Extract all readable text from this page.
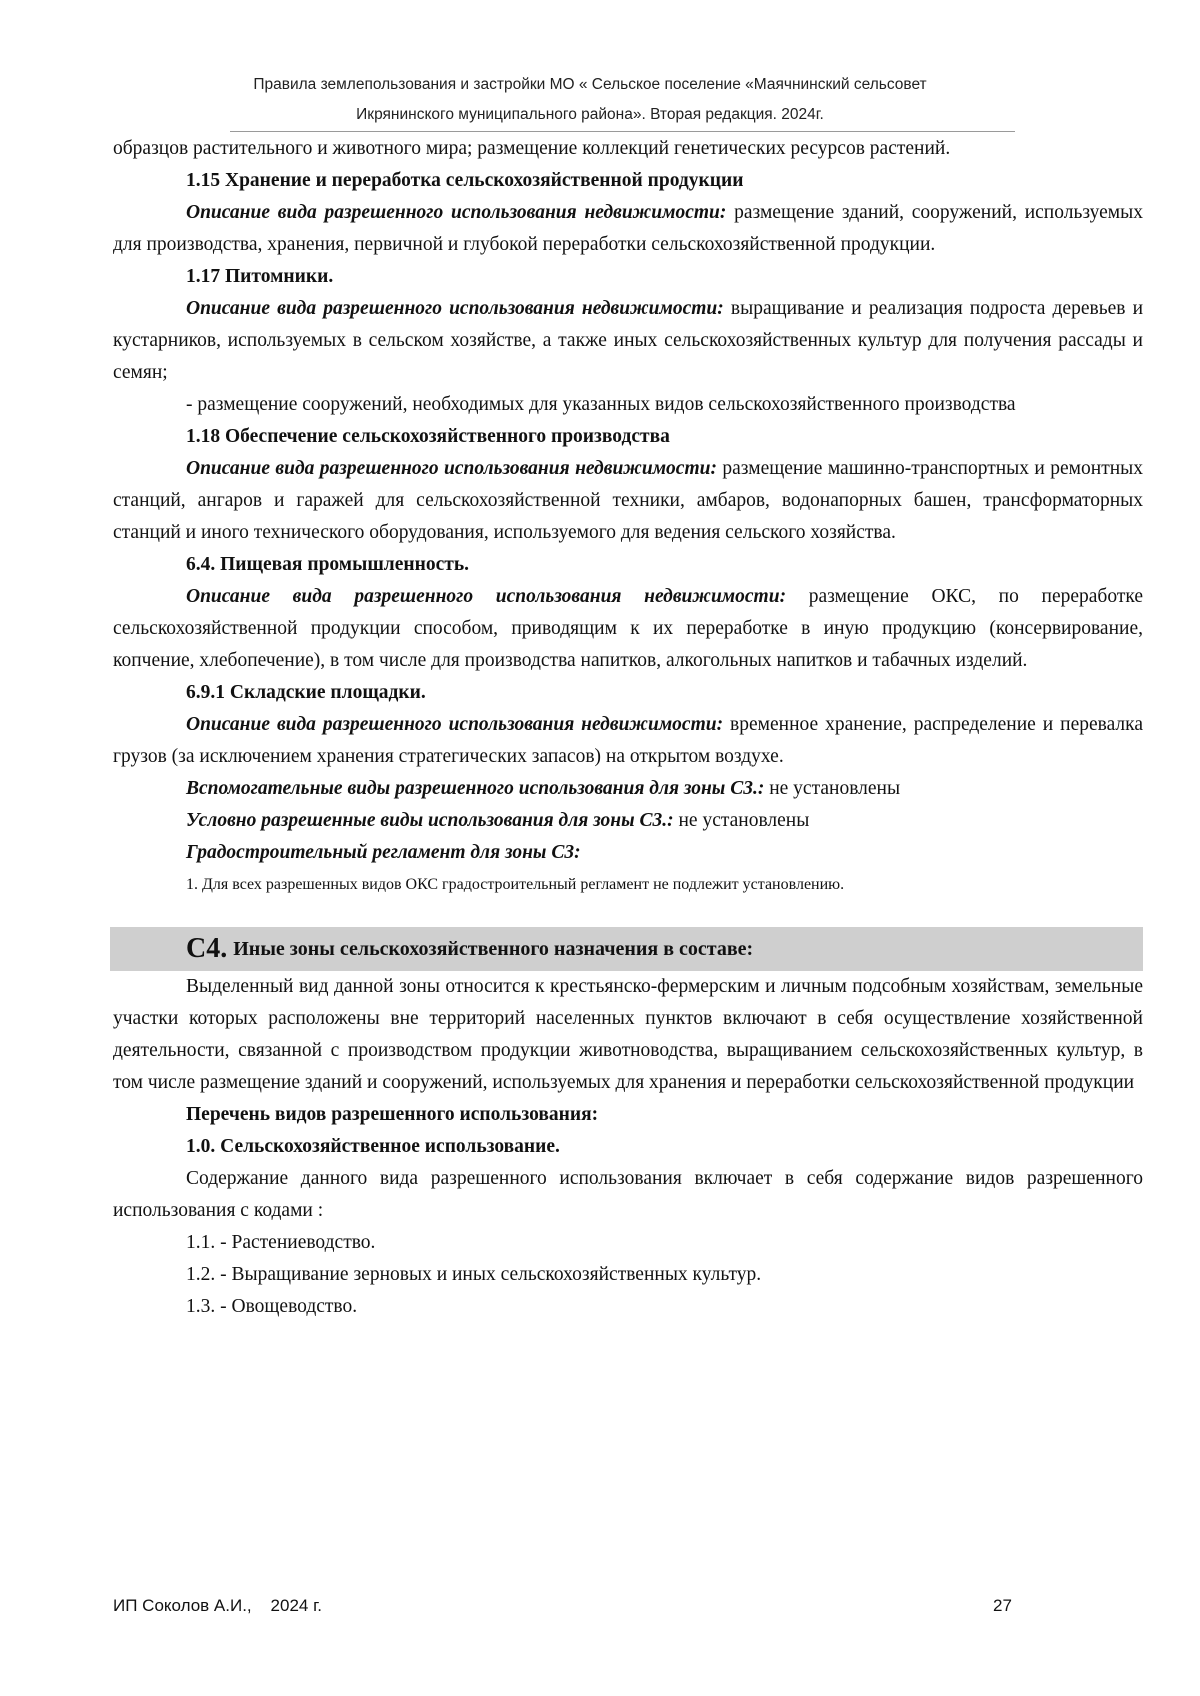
Правила землепользования и застройки МО « Сельское поселение «Маячнинский сельсовет
Икрянинского муниципального района». Вторая редакция. 2024г.

образцов растительного и животного мира; размещение коллекций генетических ресурсов растений.

1.15 Хранение и переработка сельскохозяйственной продукции

Описание вида разрешенного использования недвижимости: размещение зданий, сооружений, используемых для производства, хранения, первичной и глубокой переработки сельскохозяйственной продукции.

1.17 Питомники.

Описание вида разрешенного использования недвижимости: выращивание и реализация подроста деревьев и кустарников, используемых в сельском хозяйстве, а также иных сельскохозяйственных культур для получения рассады и семян;

- размещение сооружений, необходимых для указанных видов сельскохозяйственного производства

1.18 Обеспечение сельскохозяйственного производства

Описание вида разрешенного использования недвижимости: размещение машинно-транспортных и ремонтных станций, ангаров и гаражей для сельскохозяйственной техники, амбаров, водонапорных башен, трансформаторных станций и иного технического оборудования, используемого для ведения сельского хозяйства.

6.4. Пищевая промышленность.

Описание вида разрешенного использования недвижимости: размещение ОКС, по переработке сельскохозяйственной продукции способом, приводящим к их переработке в иную продукцию (консервирование, копчение, хлебопечение), в том числе для производства напитков, алкогольных напитков и табачных изделий.

6.9.1 Складские площадки.

Описание вида разрешенного использования недвижимости: временное хранение, распределение и перевалка грузов (за исключением хранения стратегических запасов) на открытом воздухе.

Вспомогательные виды разрешенного использования для зоны С3.: не установлены

Условно разрешенные виды использования для зоны С3.: не установлены

Градостроительный регламент для зоны С3:

1. Для всех разрешенных видов ОКС градостроительный регламент не подлежит установлению.

С4. Иные зоны сельскохозяйственного назначения в составе:

Выделенный вид данной зоны относится к крестьянско-фермерским и личным подсобным хозяйствам, земельные участки которых расположены вне территорий населенных пунктов включают в себя осуществление хозяйственной деятельности, связанной с производством продукции животноводства, выращиванием сельскохозяйственных культур, в том числе размещение зданий и сооружений, используемых для хранения и переработки сельскохозяйственной продукции

Перечень видов разрешенного использования:

1.0. Сельскохозяйственное использование.

Содержание данного вида разрешенного использования включает в себя содержание видов разрешенного использования с кодами :

1.1. - Растениеводство.

1.2. - Выращивание зерновых и иных сельскохозяйственных культур.

1.3. - Овощеводство.

ИП Соколов А.И.,    2024 г.	27
